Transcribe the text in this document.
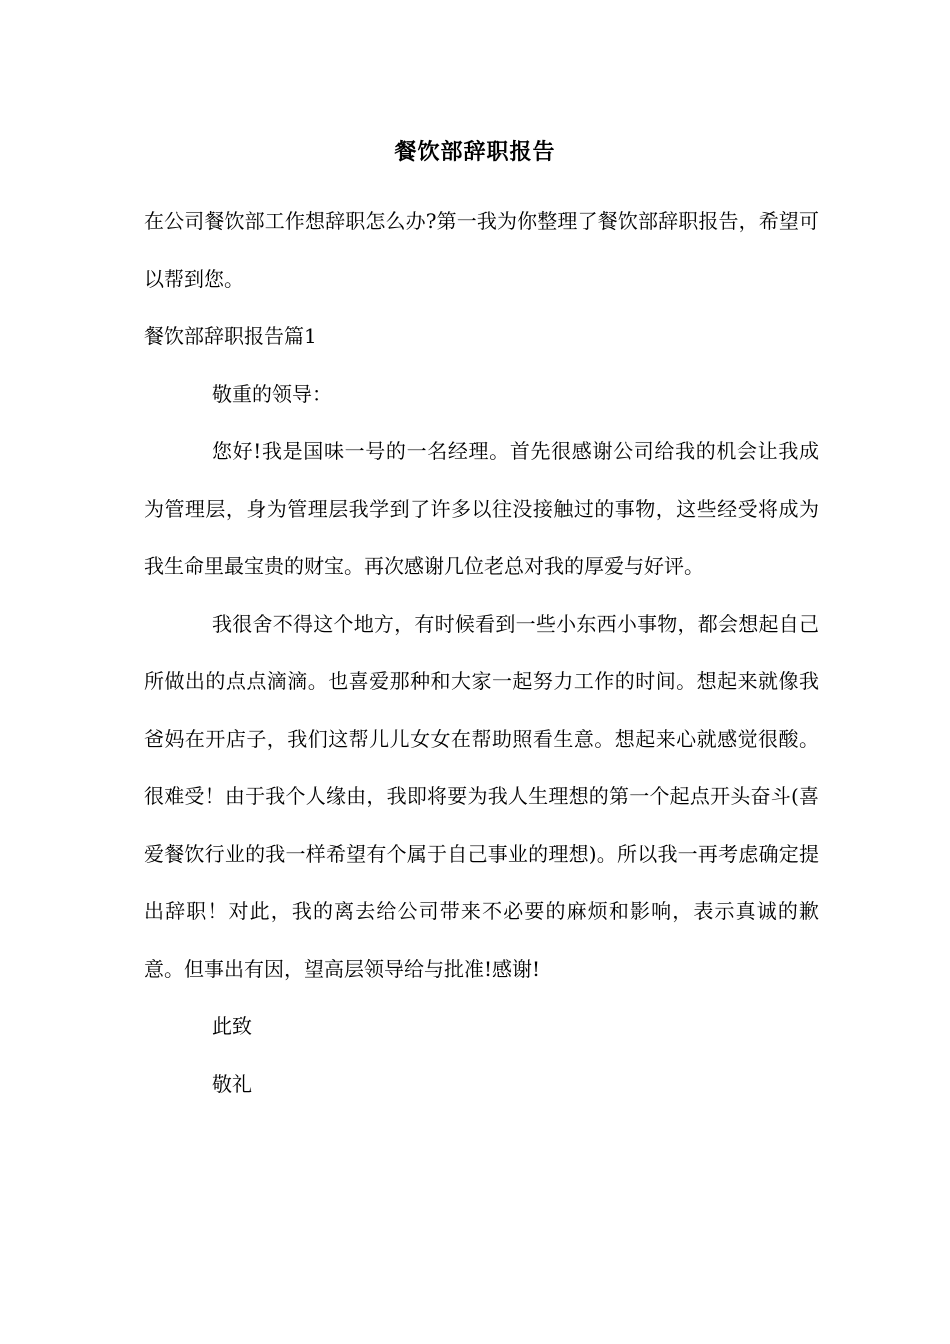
餐饮部辞职报告

在公司餐饮部工作想辞职怎么办?第一我为你整理了餐饮部辞职报告，希望可以帮到您。

餐饮部辞职报告篇1

敬重的领导：

您好!我是国味一号的一名经理。首先很感谢公司给我的机会让我成为管理层，身为管理层我学到了许多以往没接触过的事物，这些经受将成为我生命里最宝贵的财宝。再次感谢几位老总对我的厚爱与好评。

我很舍不得这个地方，有时候看到一些小东西小事物，都会想起自己所做出的点点滴滴。也喜爱那种和大家一起努力工作的时间。想起来就像我爸妈在开店子，我们这帮儿儿女女在帮助照看生意。想起来心就感觉很酸。很难受！由于我个人缘由，我即将要为我人生理想的第一个起点开头奋斗(喜爱餐饮行业的我一样希望有个属于自己事业的理想)。所以我一再考虑确定提出辞职！对此，我的离去给公司带来不必要的麻烦和影响，表示真诚的歉意。但事出有因，望高层领导给与批准!感谢!

此致

敬礼
